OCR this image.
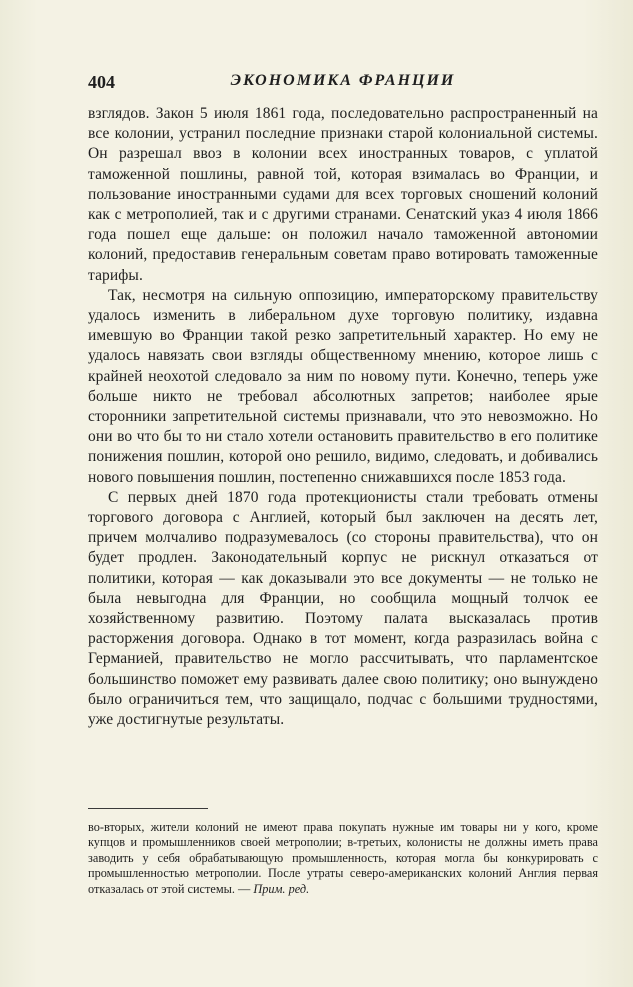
404	ЭКОНОМИКА ФРАНЦИИ

взглядов. Закон 5 июля 1861 года, последовательно распространенный на все колонии, устранил последние признаки старой колониальной системы. Он разрешал ввоз в колонии всех иностранных товаров, с уплатой таможенной пошлины, равной той, которая взималась во Франции, и пользование иностранными судами для всех торговых сношений колоний как с метрополией, так и с другими странами. Сенатский указ 4 июля 1866 года пошел еще дальше: он положил начало таможенной автономии колоний, предоставив генеральным советам право вотировать таможенные тарифы.

Так, несмотря на сильную оппозицию, императорскому правительству удалось изменить в либеральном духе торговую политику, издавна имевшую во Франции такой резко запретительный характер. Но ему не удалось навязать свои взгляды общественному мнению, которое лишь с крайней неохотой следовало за ним по новому пути. Конечно, теперь уже больше никто не требовал абсолютных запретов; наиболее ярые сторонники запретительной системы признавали, что это невозможно. Но они во что бы то ни стало хотели остановить правительство в его политике понижения пошлин, которой оно решило, видимо, следовать, и добивались нового повышения пошлин, постепенно снижавшихся после 1853 года.

С первых дней 1870 года протекционисты стали требовать отмены торгового договора с Англией, который был заключен на десять лет, причем молчаливо подразумевалось (со стороны правительства), что он будет продлен. Законодательный корпус не рискнул отказаться от политики, которая — как доказывали это все документы — не только не была невыгодна для Франции, но сообщила мощный толчок ее хозяйственному развитию. Поэтому палата высказалась против расторжения договора. Однако в тот момент, когда разразилась война с Германией, правительство не могло рассчитывать, что парламентское большинство поможет ему развивать далее свою политику; оно вынуждено было ограничиться тем, что защищало, подчас с большими трудностями, уже достигнутые результаты.

во-вторых, жители колоний не имеют права покупать нужные им товары ни у кого, кроме купцов и промышленников своей метрополии; в-третьих, колонисты не должны иметь права заводить у себя обрабатывающую промышленность, которая могла бы конкурировать с промышленностью метрополии. После утраты северо-американских колоний Англия первая отказалась от этой системы. — Прим. ред.
